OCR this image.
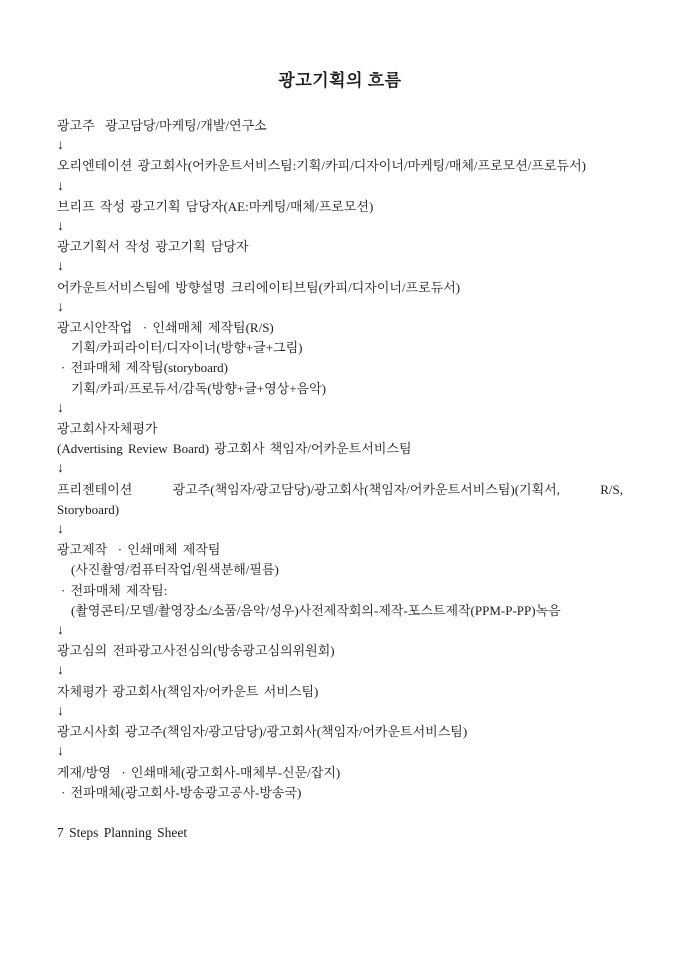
광고기획의 흐름
광고주  광고담당/마케팅/개발/연구소
↓
오리엔테이션 광고회사(어카운트서비스팀:기획/카피/디자이너/마케팅/매체/프로모션/프로듀서)
↓
브리프 작성 광고기획 담당자(AE:마케팅/매체/프로모션)
↓
광고기획서 작성 광고기획 담당자
↓
어카운트서비스팀에 방향설명 크리에이티브팀(카피/디자이너/프로듀서)
↓
광고시안작업  · 인쇄매체 제작팀(R/S)
기획/카피라이터/디자이너(방향+글+그림)
· 전파매체 제작팀(storyboard)
기획/카피/프로듀서/감독(방향+글+영상+음악)
↓
광고회사자체평가
(Advertising Review Board) 광고회사 책임자/어카운트서비스팀
↓
프리젠테이션 광고주(책임자/광고담당)/광고회사(책임자/어카운트서비스팀)(기획서, R/S,
Storyboard)
↓
광고제작  · 인쇄매체 제작팀
(사진촬영/컴퓨터작업/원색분해/필름)
· 전파매체 제작팀:
(촬영콘티/모델/촬영장소/소품/음악/성우)사전제작회의-제작-포스트제작(PPM-P-PP)녹음
↓
광고심의 전파광고사전심의(방송광고심의위원회)
↓
자체평가 광고회사(책임자/어카운트 서비스팀)
↓
광고시사회 광고주(책임자/광고담당)/광고회사(책임자/어카운트서비스팀)
↓
게재/방영  · 인쇄매체(광고회사-매체부-신문/잡지)
· 전파매체(광고회사-방송광고공사-방송국)
7 Steps Planning Sheet
